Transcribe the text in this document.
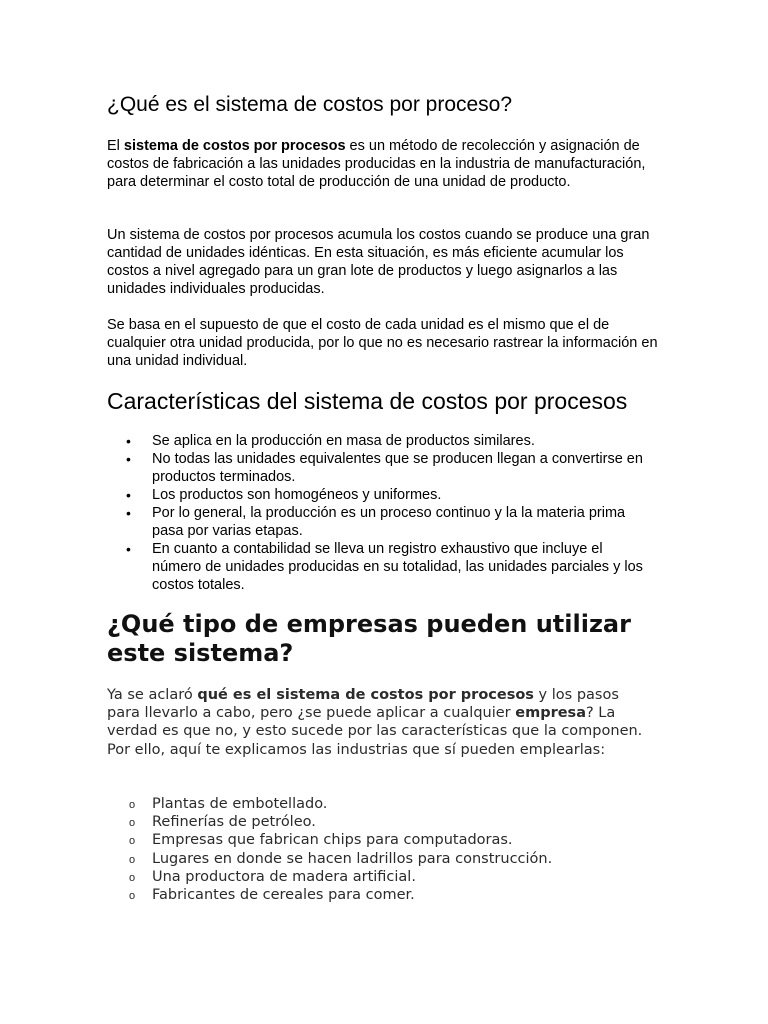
¿Qué es el sistema de costos por proceso?

El sistema de costos por procesos es un método de recolección y asignación de costos de fabricación a las unidades producidas en la industria de manufacturación, para determinar el costo total de producción de una unidad de producto.

Un sistema de costos por procesos acumula los costos cuando se produce una gran cantidad de unidades idénticas. En esta situación, es más eficiente acumular los costos a nivel agregado para un gran lote de productos y luego asignarlos a las unidades individuales producidas.

Se basa en el supuesto de que el costo de cada unidad es el mismo que el de cualquier otra unidad producida, por lo que no es necesario rastrear la información en una unidad individual.

Características del sistema de costos por procesos
• Se aplica en la producción en masa de productos similares.
• No todas las unidades equivalentes que se producen llegan a convertirse en productos terminados.
• Los productos son homogéneos y uniformes.
• Por lo general, la producción es un proceso continuo y la la materia prima pasa por varias etapas.
• En cuanto a contabilidad se lleva un registro exhaustivo que incluye el número de unidades producidas en su totalidad, las unidades parciales y los costos totales.
¿Qué tipo de empresas pueden utilizar este sistema?

Ya se aclaró qué es el sistema de costos por procesos y los pasos para llevarlo a cabo, pero ¿se puede aplicar a cualquier empresa? La verdad es que no, y esto sucede por las características que la componen. Por ello, aquí te explicamos las industrias que sí pueden emplearlas:

o Plantas de embotellado.
o Refinerías de petróleo.
o Empresas que fabrican chips para computadoras.
o Lugares en donde se hacen ladrillos para construcción.
o Una productora de madera artificial.
o Fabricantes de cereales para comer.
